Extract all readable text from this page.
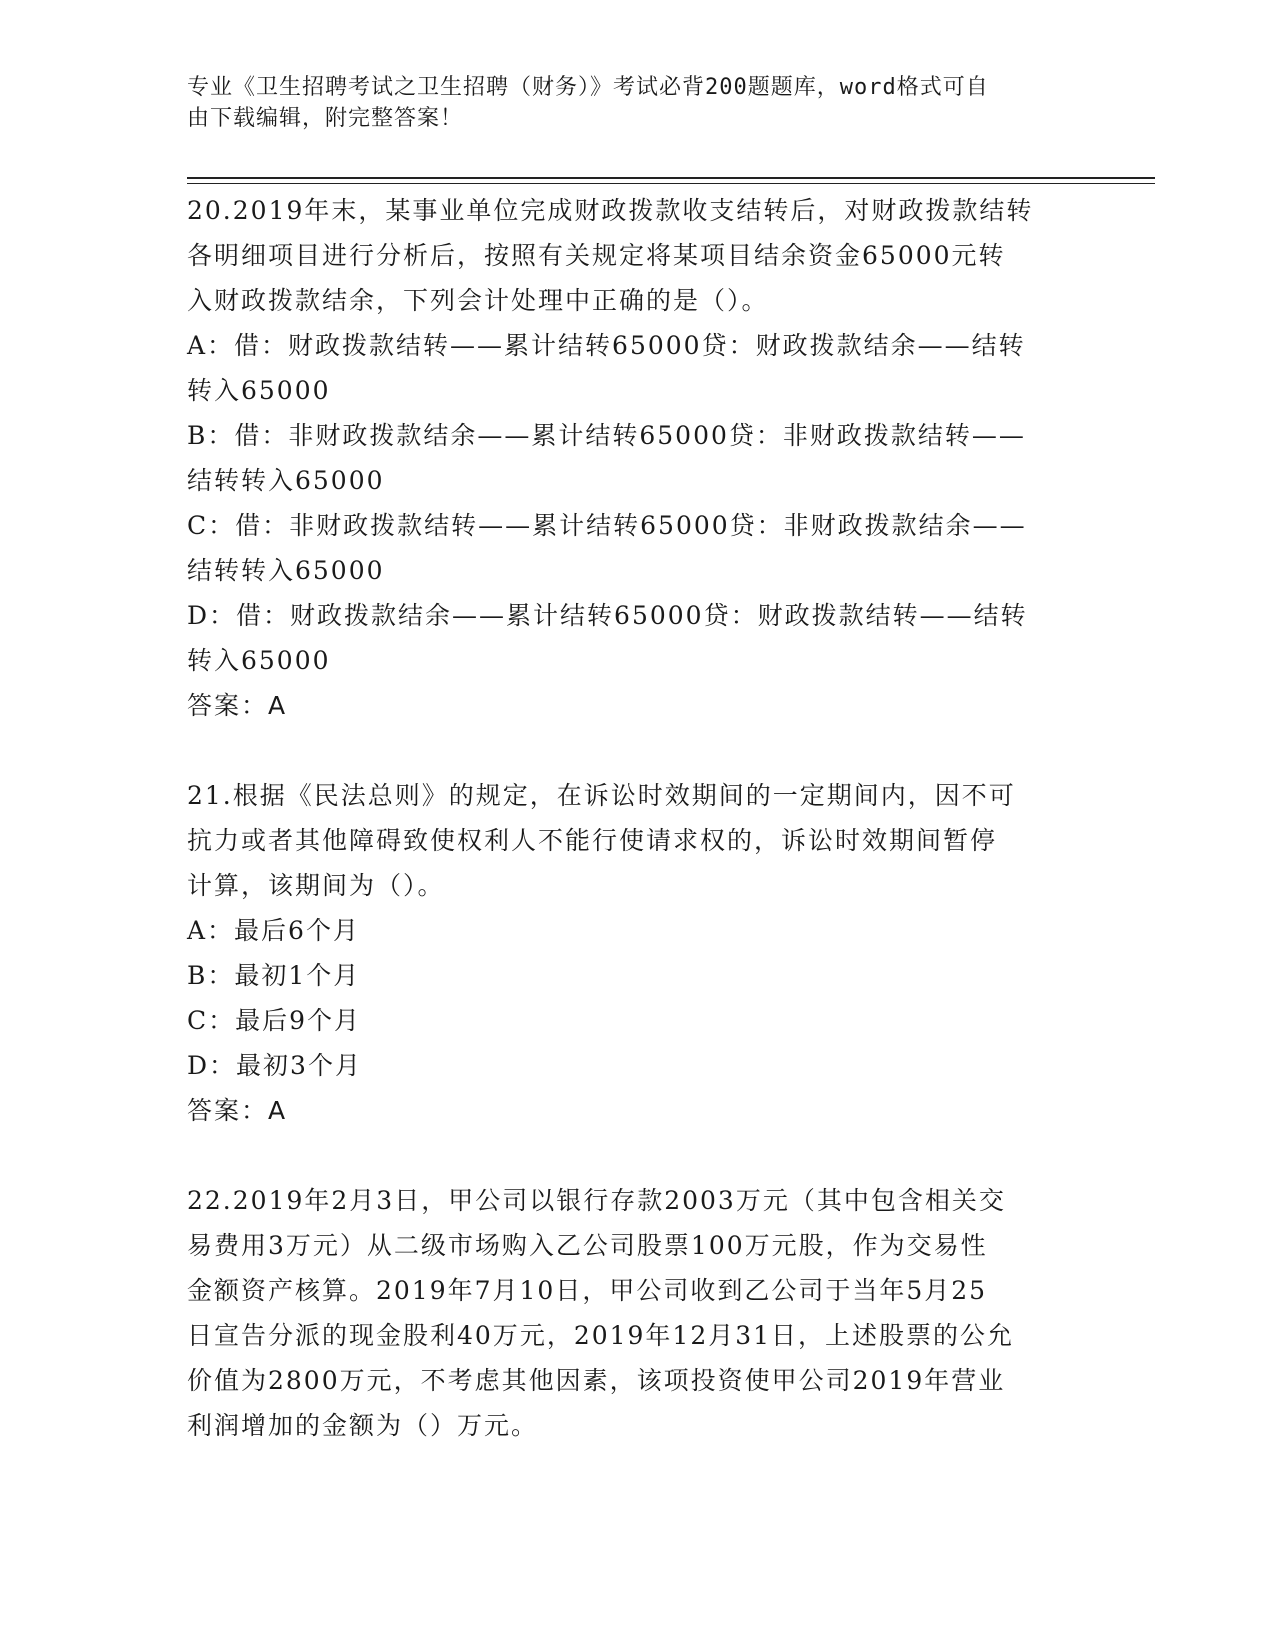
专业《卫生招聘考试之卫生招聘（财务）》考试必背200题题库，word格式可自
由下载编辑，附完整答案！

20.2019年末，某事业单位完成财政拨款收支结转后，对财政拨款结转

各明细项目进行分析后，按照有关规定将某项目结余资金65000元转

入财政拨款结余，下列会计处理中正确的是（）。

A：借：财政拨款结转——累计结转65000贷：财政拨款结余——结转

转入65000

B：借：非财政拨款结余——累计结转65000贷：非财政拨款结转——

结转转入65000

C：借：非财政拨款结转——累计结转65000贷：非财政拨款结余——

结转转入65000

D：借：财政拨款结余——累计结转65000贷：财政拨款结转——结转

转入65000

答案：A

21.根据《民法总则》的规定，在诉讼时效期间的一定期间内，因不可

抗力或者其他障碍致使权利人不能行使请求权的，诉讼时效期间暂停

计算，该期间为（）。

A：最后6个月

B：最初1个月

C：最后9个月

D：最初3个月

答案：A

22.2019年2月3日，甲公司以银行存款2003万元（其中包含相关交

易费用3万元）从二级市场购入乙公司股票100万元股，作为交易性

金额资产核算。2019年7月10日，甲公司收到乙公司于当年5月25

日宣告分派的现金股利40万元，2019年12月31日，上述股票的公允

价值为2800万元，不考虑其他因素，该项投资使甲公司2019年营业

利润增加的金额为（）万元。
